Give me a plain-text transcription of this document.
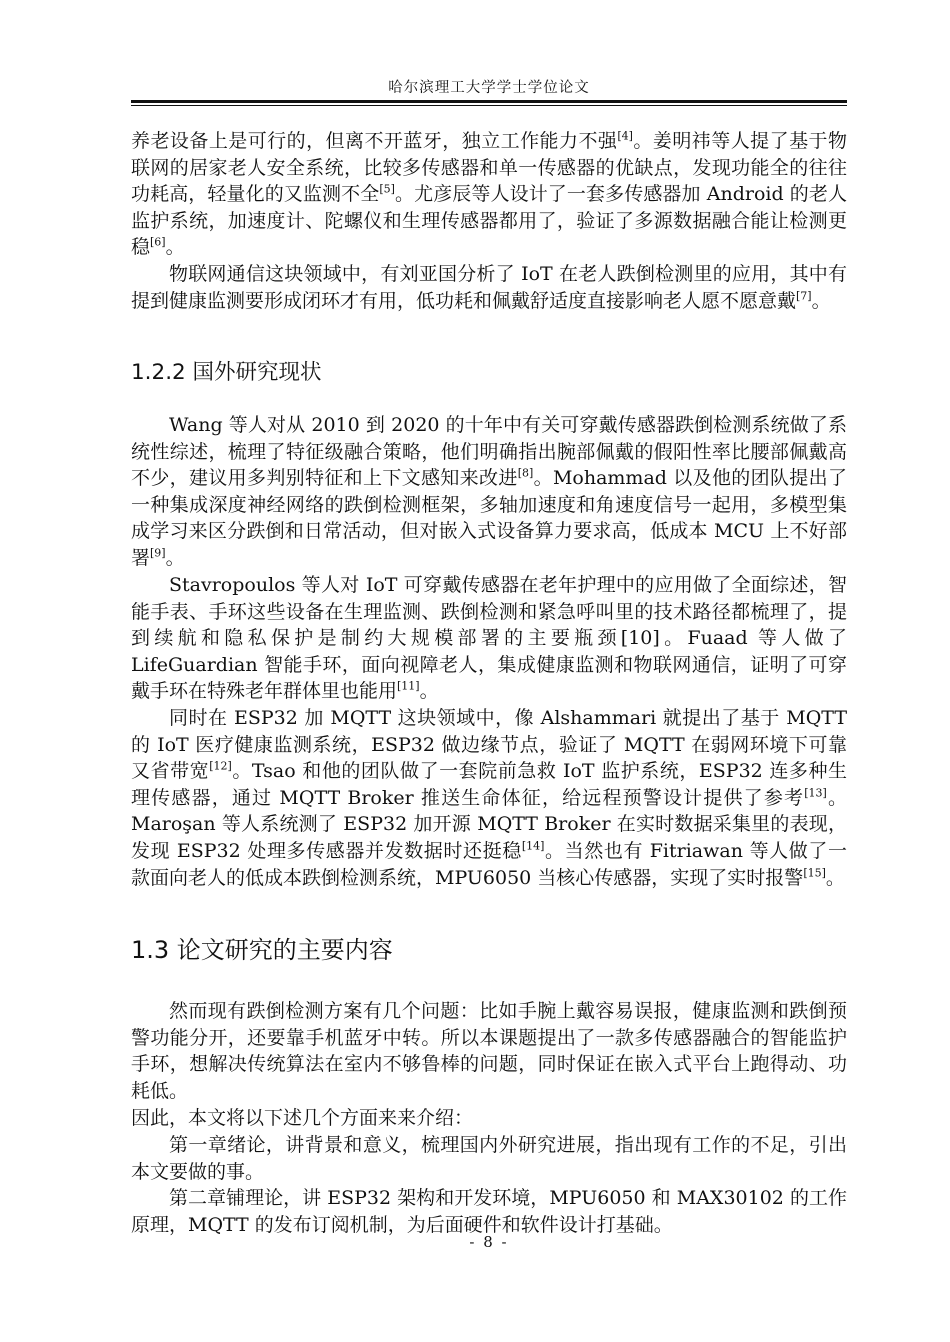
哈尔滨理工大学学士学位论文

养老设备上是可行的，但离不开蓝牙，独立工作能力不强[4]。姜明祎等人提了基于物联网的居家老人安全系统，比较多传感器和单一传感器的优缺点，发现功能全的往往功耗高，轻量化的又监测不全[5]。尤彦辰等人设计了一套多传感器加 Android 的老人监护系统，加速度计、陀螺仪和生理传感器都用了，验证了多源数据融合能让检测更稳[6]。

物联网通信这块领域中，有刘亚国分析了 IoT 在老人跌倒检测里的应用，其中有提到健康监测要形成闭环才有用，低功耗和佩戴舒适度直接影响老人愿不愿意戴[7]。

1.2.2 国外研究现状

Wang 等人对从 2010 到 2020 的十年中有关可穿戴传感器跌倒检测系统做了系统性综述，梳理了特征级融合策略，他们明确指出腕部佩戴的假阳性率比腰部佩戴高不少，建议用多判别特征和上下文感知来改进[8]。Mohammad 以及他的团队提出了一种集成深度神经网络的跌倒检测框架，多轴加速度和角速度信号一起用，多模型集成学习来区分跌倒和日常活动，但对嵌入式设备算力要求高，低成本 MCU 上不好部署[9]。

Stavropoulos 等人对 IoT 可穿戴传感器在老年护理中的应用做了全面综述，智能手表、手环这些设备在生理监测、跌倒检测和紧急呼叫里的技术路径都梳理了，提到续航和隐私保护是制约大规模部署的主要瓶颈[10]。Fuaad 等人做了 LifeGuardian 智能手环，面向视障老人，集成健康监测和物联网通信，证明了可穿戴手环在特殊老年群体里也能用[11]。

同时在 ESP32 加 MQTT 这块领域中，像 Alshammari 就提出了基于 MQTT 的 IoT 医疗健康监测系统，ESP32 做边缘节点，验证了 MQTT 在弱网环境下可靠又省带宽[12]。Tsao 和他的团队做了一套院前急救 IoT 监护系统，ESP32 连多种生理传感器，通过 MQTT Broker 推送生命体征，给远程预警设计提供了参考[13]。Maroşan 等人系统测了 ESP32 加开源 MQTT Broker 在实时数据采集里的表现，发现 ESP32 处理多传感器并发数据时还挺稳[14]。当然也有 Fitriawan 等人做了一款面向老人的低成本跌倒检测系统，MPU6050 当核心传感器，实现了实时报警[15]。

1.3 论文研究的主要内容

然而现有跌倒检测方案有几个问题：比如手腕上戴容易误报，健康监测和跌倒预警功能分开，还要靠手机蓝牙中转。所以本课题提出了一款多传感器融合的智能监护手环，想解决传统算法在室内不够鲁棒的问题，同时保证在嵌入式平台上跑得动、功耗低。

因此，本文将以下述几个方面来来介绍：

第一章绪论，讲背景和意义，梳理国内外研究进展，指出现有工作的不足，引出本文要做的事。

第二章铺理论，讲 ESP32 架构和开发环境，MPU6050 和 MAX30102 的工作原理，MQTT 的发布订阅机制，为后面硬件和软件设计打基础。

- 8 -
